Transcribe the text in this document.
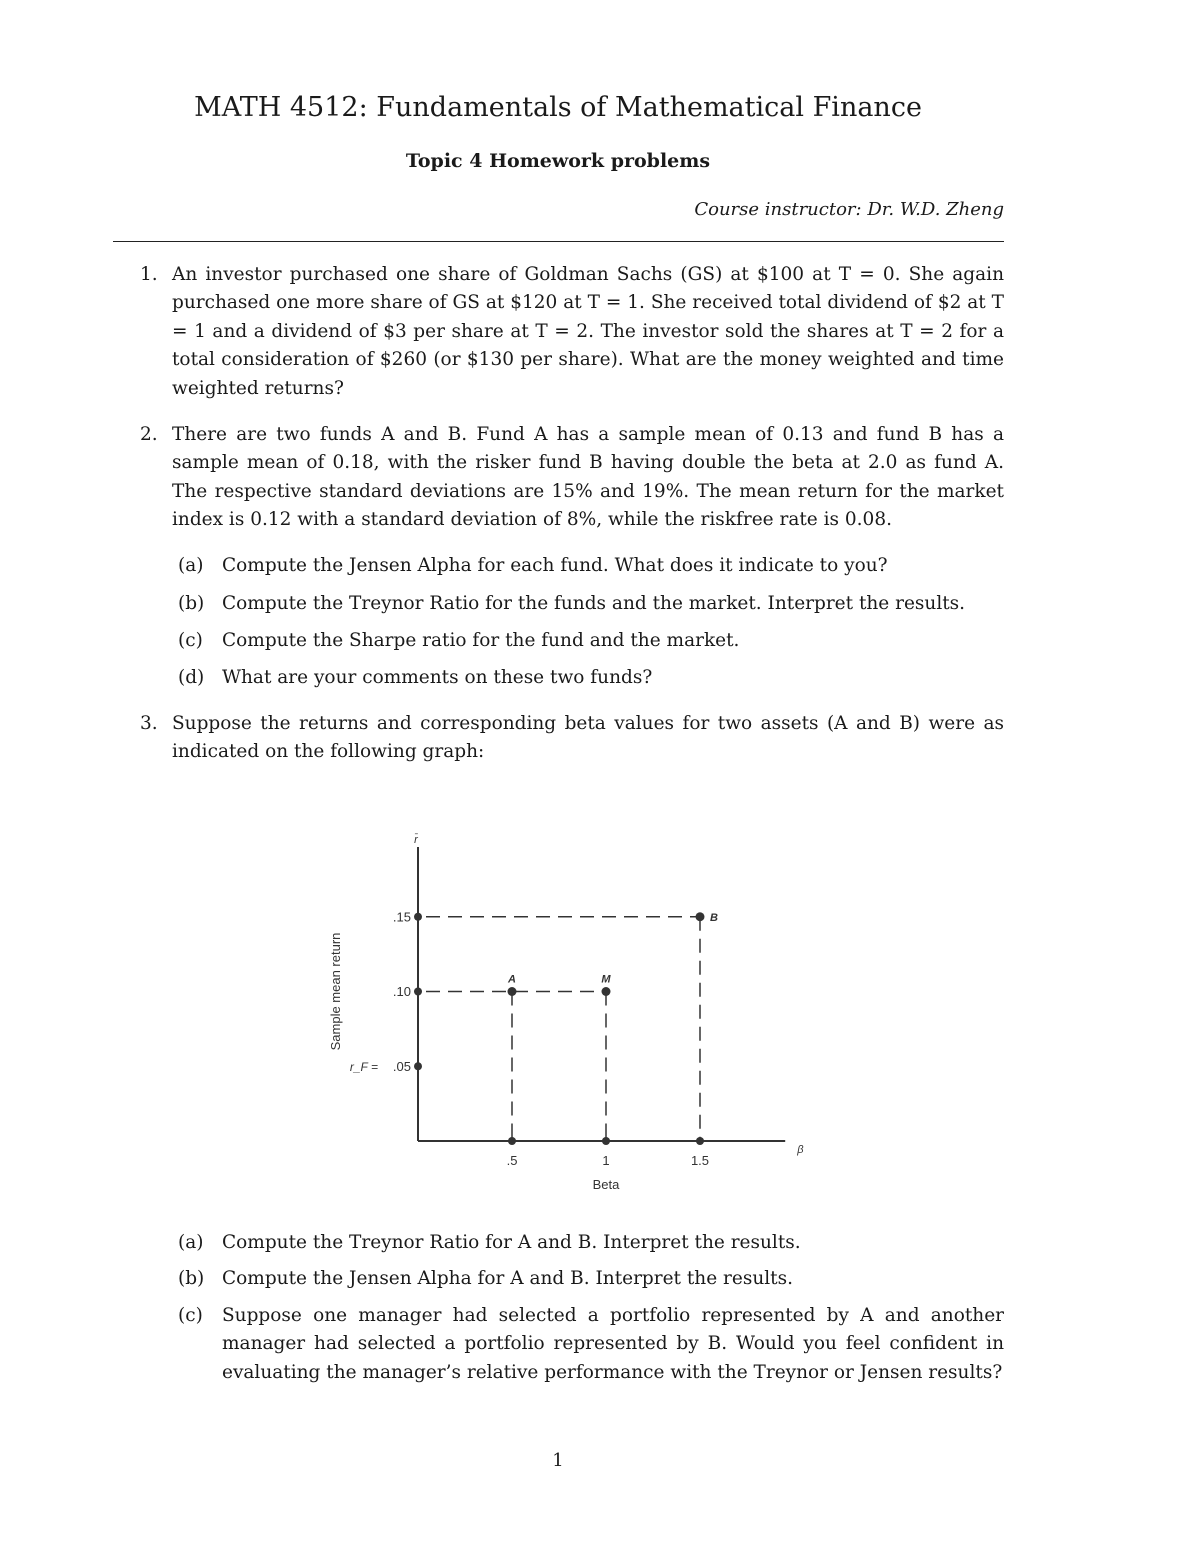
MATH 4512: Fundamentals of Mathematical Finance
Topic 4 Homework problems
Course instructor: Dr. W.D. Zheng
1. An investor purchased one share of Goldman Sachs (GS) at $100 at T = 0. She again purchased one more share of GS at $120 at T = 1. She received total dividend of $2 at T = 1 and a dividend of $3 per share at T = 2. The investor sold the shares at T = 2 for a total consideration of $260 (or $130 per share). What are the money weighted and time weighted returns?
2. There are two funds A and B. Fund A has a sample mean of 0.13 and fund B has a sample mean of 0.18, with the risker fund B having double the beta at 2.0 as fund A. The respective standard deviations are 15% and 19%. The mean return for the market index is 0.12 with a standard deviation of 8%, while the riskfree rate is 0.08.
(a) Compute the Jensen Alpha for each fund. What does it indicate to you?
(b) Compute the Treynor Ratio for the funds and the market. Interpret the results.
(c) Compute the Sharpe ratio for the fund and the market.
(d) What are your comments on these two funds?
3. Suppose the returns and corresponding beta values for two assets (A and B) were as indicated on the following graph:
r̄
β
Beta
Sample mean return
.15
.10
.05
r_F =
.5	1	1.5
A	M
B
(a) Compute the Treynor Ratio for A and B. Interpret the results.
(b) Compute the Jensen Alpha for A and B. Interpret the results.
(c) Suppose one manager had selected a portfolio represented by A and another manager had selected a portfolio represented by B. Would you feel confident in evaluating the manager’s relative performance with the Treynor or Jensen results?
1
